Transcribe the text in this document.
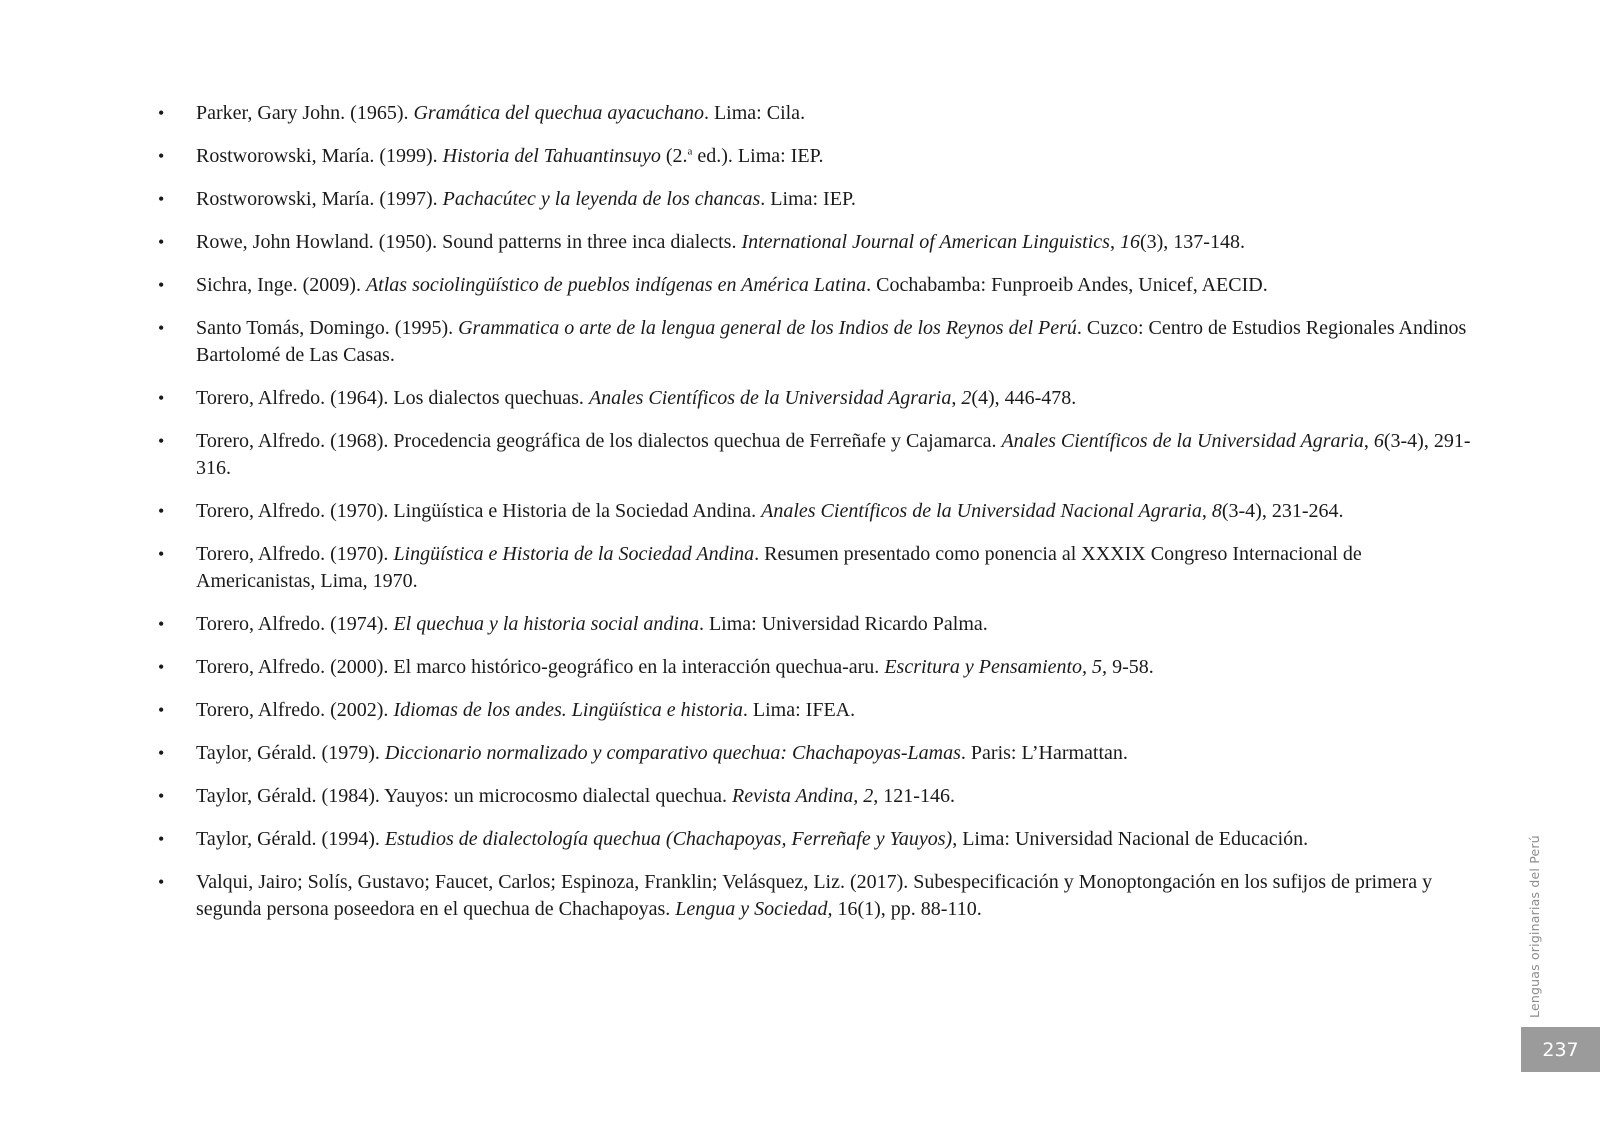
• Parker, Gary John. (1965). Gramática del quechua ayacuchano. Lima: Cila.
• Rostworowski, María. (1999). Historia del Tahuantinsuyo (2.$^a$ ed.). Lima: IEP.
• Rostworowski, María. (1997). Pachacútec y la leyenda de los chancas. Lima: IEP.
• Rowe, John Howland. (1950). Sound patterns in three inca dialects. International Journal of American Linguistics, 16(3), 137-148.
• Sichra, Inge. (2009). Atlas sociolingüístico de pueblos indígenas en América Latina. Cochabamba: Funproeib Andes, Unicef, AECID.
• Santo Tomás, Domingo. (1995). Grammatica o arte de la lengua general de los Indios de los Reynos del Perú. Cuzco: Centro de Estudios Regionales Andinos Bartolomé de Las Casas.
• Torero, Alfredo. (1964). Los dialectos quechuas. Anales Científicos de la Universidad Agraria, 2(4), 446-478.
• Torero, Alfredo. (1968). Procedencia geográfica de los dialectos quechua de Ferreñafe y Cajamarca. Anales Científicos de la Universidad Agraria, 6(3-4), 291-316.
• Torero, Alfredo. (1970). Lingüística e Historia de la Sociedad Andina. Anales Científicos de la Universidad Nacional Agraria, 8(3-4), 231-264.
• Torero, Alfredo. (1970). Lingüística e Historia de la Sociedad Andina. Resumen presentado como ponencia al XXXIX Congreso Internacional de Americanistas, Lima, 1970.
• Torero, Alfredo. (1974). El quechua y la historia social andina. Lima: Universidad Ricardo Palma.
• Torero, Alfredo. (2000). El marco histórico-geográfico en la interacción quechua-aru. Escritura y Pensamiento, 5, 9-58.
• Torero, Alfredo. (2002). Idiomas de los andes. Lingüística e historia. Lima: IFEA.
• Taylor, Gérald. (1979). Diccionario normalizado y comparativo quechua: Chachapoyas-Lamas. Paris: L’Harmattan.
• Taylor, Gérald. (1984). Yauyos: un microcosmo dialectal quechua. Revista Andina, 2, 121-146.
• Taylor, Gérald. (1994). Estudios de dialectología quechua (Chachapoyas, Ferreñafe y Yauyos), Lima: Universidad Nacional de Educación.
• Valqui, Jairo; Solís, Gustavo; Faucet, Carlos; Espinoza, Franklin; Velásquez, Liz. (2017). Subespecificación y Monoptongación en los sufijos de primera y segunda persona poseedora en el quechua de Chachapoyas. Lengua y Sociedad, 16(1), pp. 88-110.	Lenguas originarias del Perú
237
